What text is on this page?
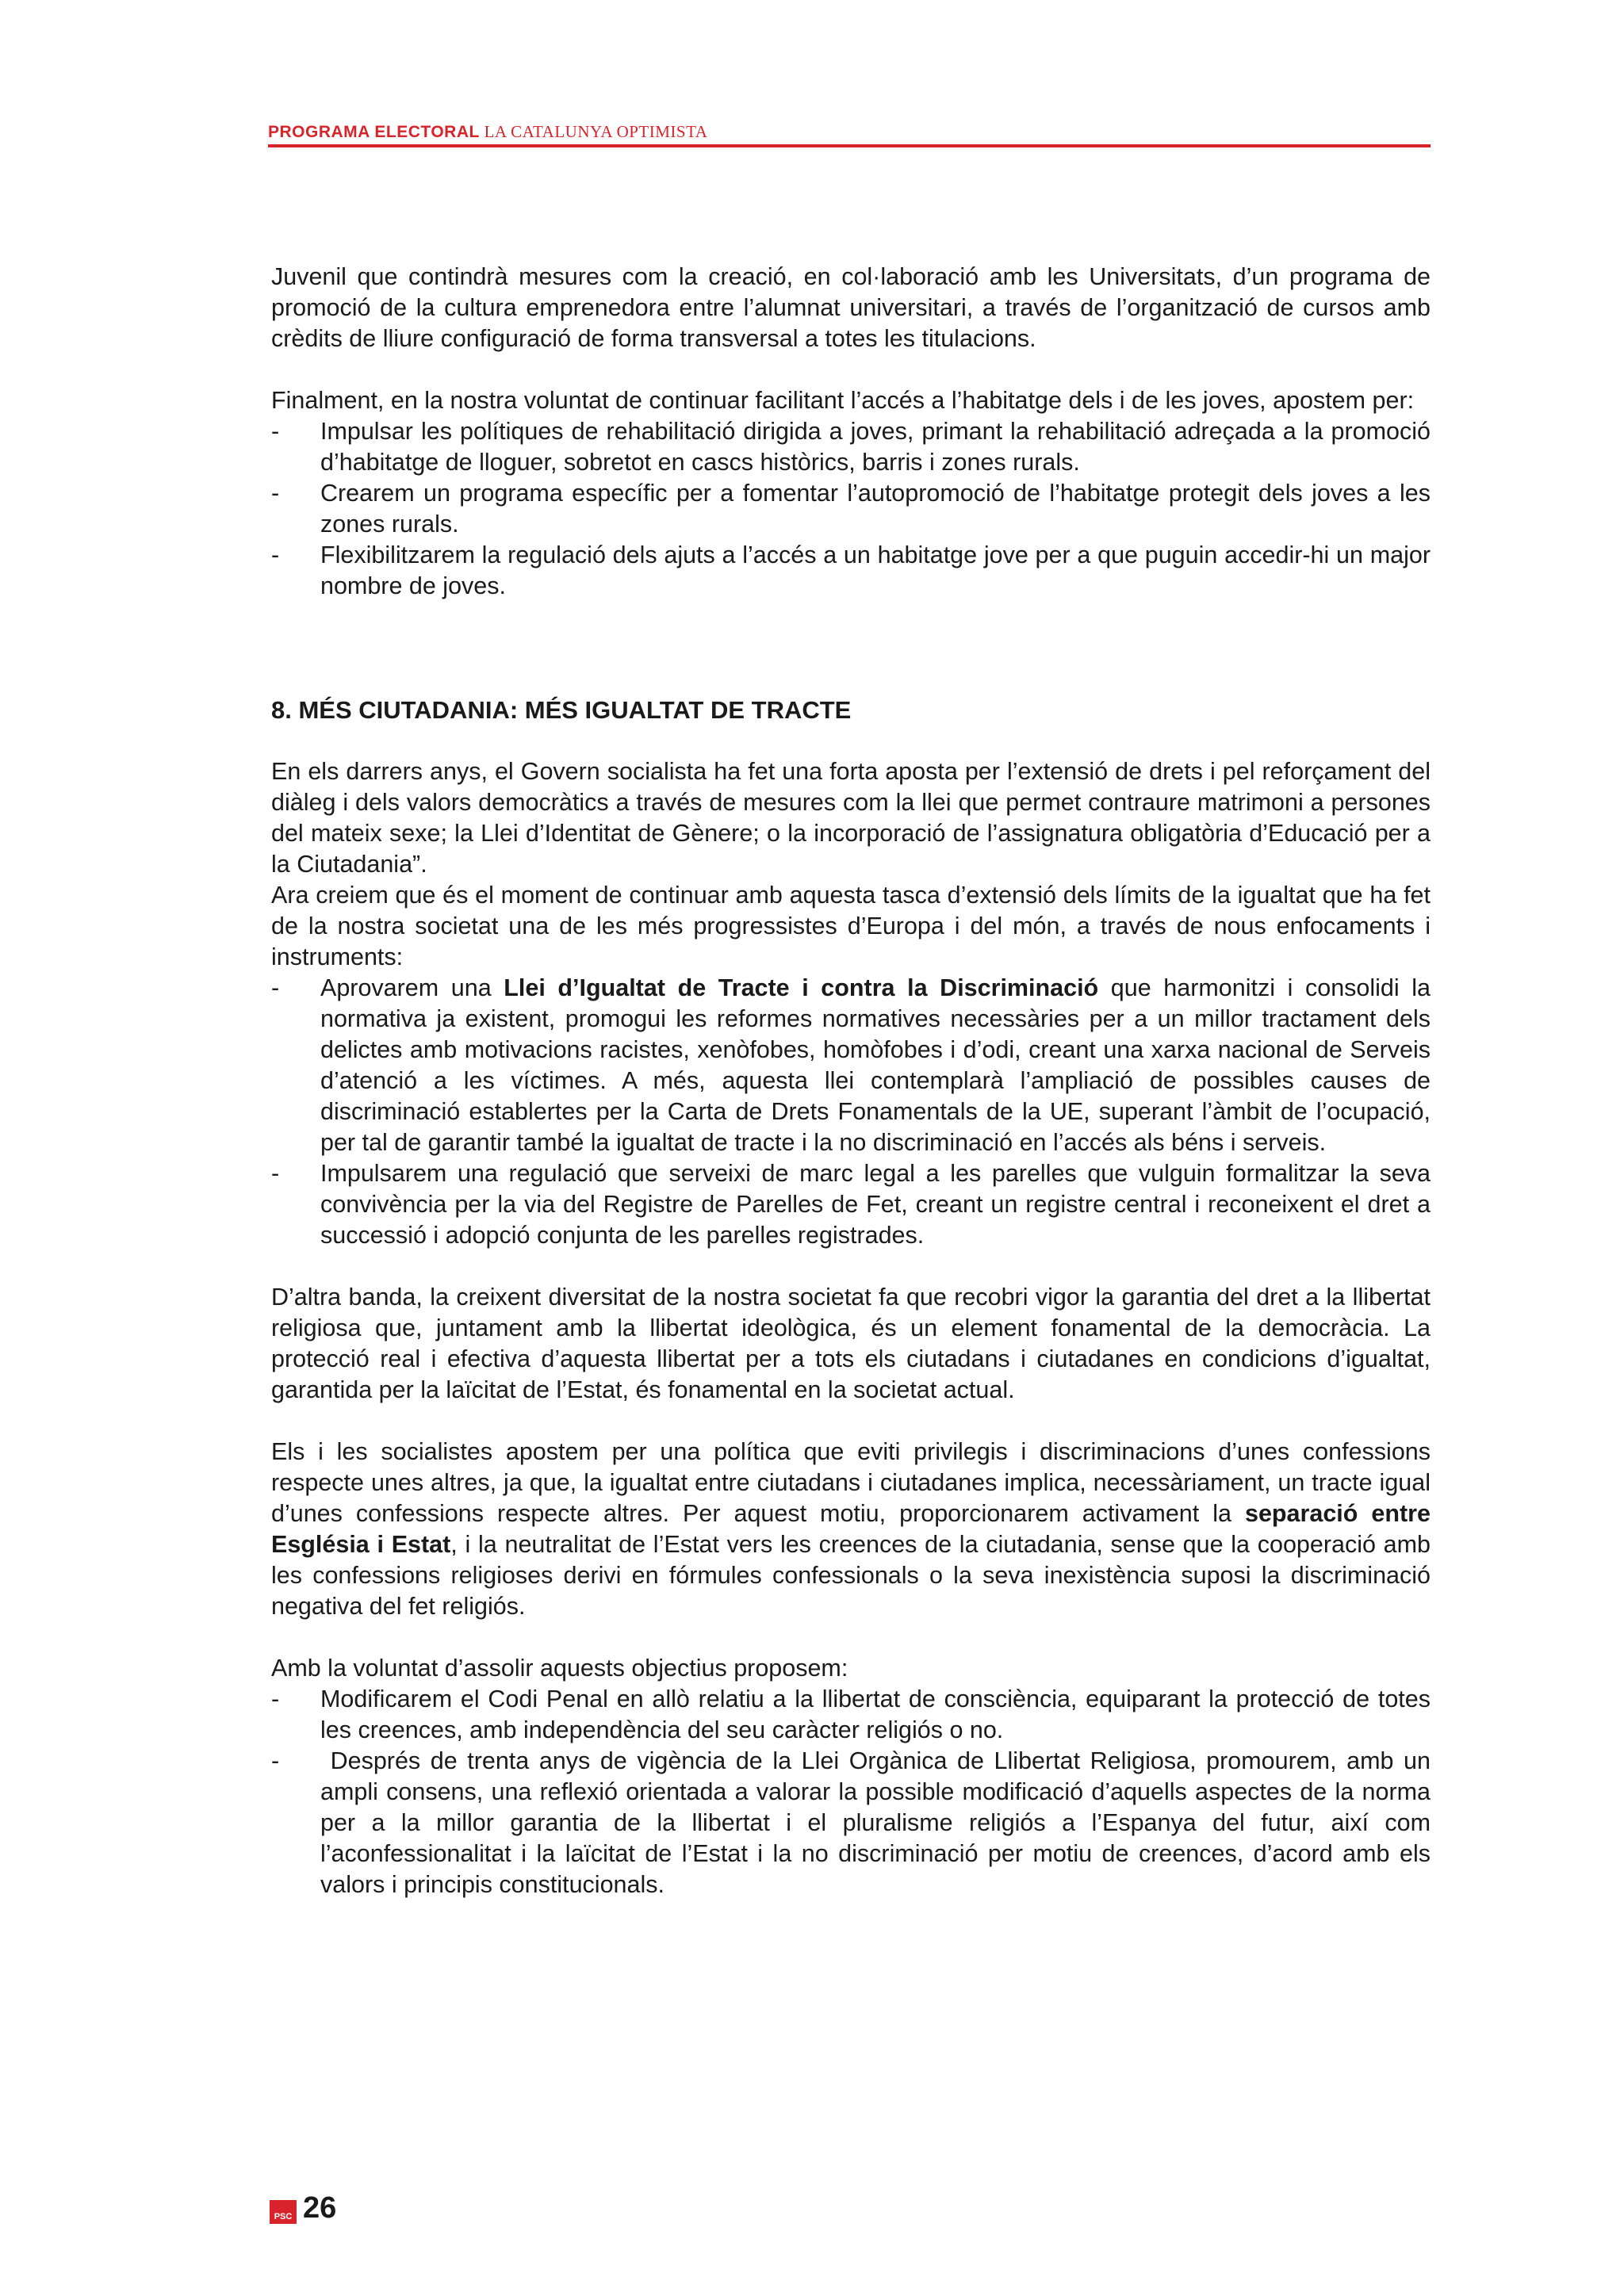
PROGRAMA ELECTORAL LA CATALUNYA OPTIMISTA

Juvenil que contindrà mesures com la creació, en col·laboració amb les Universitats, d’un programa de promoció de la cultura emprenedora entre l’alumnat universitari, a través de l’organització de cursos amb crèdits de lliure configuració de forma transversal a totes les titulacions.

Finalment, en la nostra voluntat de continuar facilitant l’accés a l’habitatge dels i de les joves, apostem per:

-	Impulsar les polítiques de rehabilitació dirigida a joves, primant la rehabilitació adreçada a la promoció d’habitatge de lloguer, sobretot en cascs històrics, barris i zones rurals.
-	Crearem un programa específic per a fomentar l’autopromoció de l’habitatge protegit dels joves a les zones rurals.
-	Flexibilitzarem la regulació dels ajuts a l’accés a un habitatge jove per a que puguin accedir-hi un major nombre de joves.

8. MÉS CIUTADANIA: MÉS IGUALTAT DE TRACTE

En els darrers anys, el Govern socialista ha fet una forta aposta per l’extensió de drets i pel reforçament del diàleg i dels valors democràtics a través de mesures com la llei que permet contraure matrimoni a persones del mateix sexe; la Llei d’Identitat de Gènere; o la incorporació de l’assignatura obligatòria d’Educació per a la Ciutadania”.

Ara creiem que és el moment de continuar amb aquesta tasca d’extensió dels límits de la igualtat que ha fet de la nostra societat una de les més progressistes d’Europa i del món, a través de nous enfocaments i instruments:

-	Aprovarem una Llei d’Igualtat de Tracte i contra la Discriminació que harmonitzi i consolidi la normativa ja existent, promogui les reformes normatives necessàries per a un millor tractament dels delictes amb motivacions racistes, xenòfobes, homòfobes i d’odi, creant una xarxa nacional de Serveis d’atenció a les víctimes. A més, aquesta llei contemplarà l’ampliació de possibles causes de discriminació establertes per la Carta de Drets Fonamentals de la UE, superant l’àmbit de l’ocupació, per tal de garantir també la igualtat de tracte i la no discriminació en l’accés als béns i serveis.
-	Impulsarem una regulació que serveixi de marc legal a les parelles que vulguin formalitzar la seva convivència per la via del Registre de Parelles de Fet, creant un registre central i reconeixent el dret a successió i adopció conjunta de les parelles registrades.

D’altra banda, la creixent diversitat de la nostra societat fa que recobri vigor la garantia del dret a la llibertat religiosa que, juntament amb la llibertat ideològica, és un element fonamental de la democràcia. La protecció real i efectiva d’aquesta llibertat per a tots els ciutadans i ciutadanes en condicions d’igualtat, garantida per la laïcitat de l’Estat, és fonamental en la societat actual.

Els i les socialistes apostem per una política que eviti privilegis i discriminacions d’unes confessions respecte unes altres, ja que, la igualtat entre ciutadans i ciutadanes implica, necessàriament, un tracte igual d’unes confessions respecte altres. Per aquest motiu, proporcionarem activament la separació entre Església i Estat, i la neutralitat de l’Estat vers les creences de la ciutadania, sense que la cooperació amb les confessions religioses derivi en fórmules confessionals o la seva inexistència suposi la discriminació negativa del fet religiós.

Amb la voluntat d’assolir aquests objectius proposem:

-	Modificarem el Codi Penal en allò relatiu a la llibertat de consciència, equiparant la protecció de totes les creences, amb independència del seu caràcter religiós o no.
-	Després de trenta anys de vigència de la Llei Orgànica de Llibertat Religiosa, promourem, amb un ampli consens, una reflexió orientada a valorar la possible modificació d’aquells aspectes de la norma per a la millor garantia de la llibertat i el pluralisme religiós a l’Espanya del futur, així com l’aconfessionalitat i la laïcitat de l’Estat i la no discriminació per motiu de creences, d’acord amb els valors i principis constitucionals.
PSC 26
